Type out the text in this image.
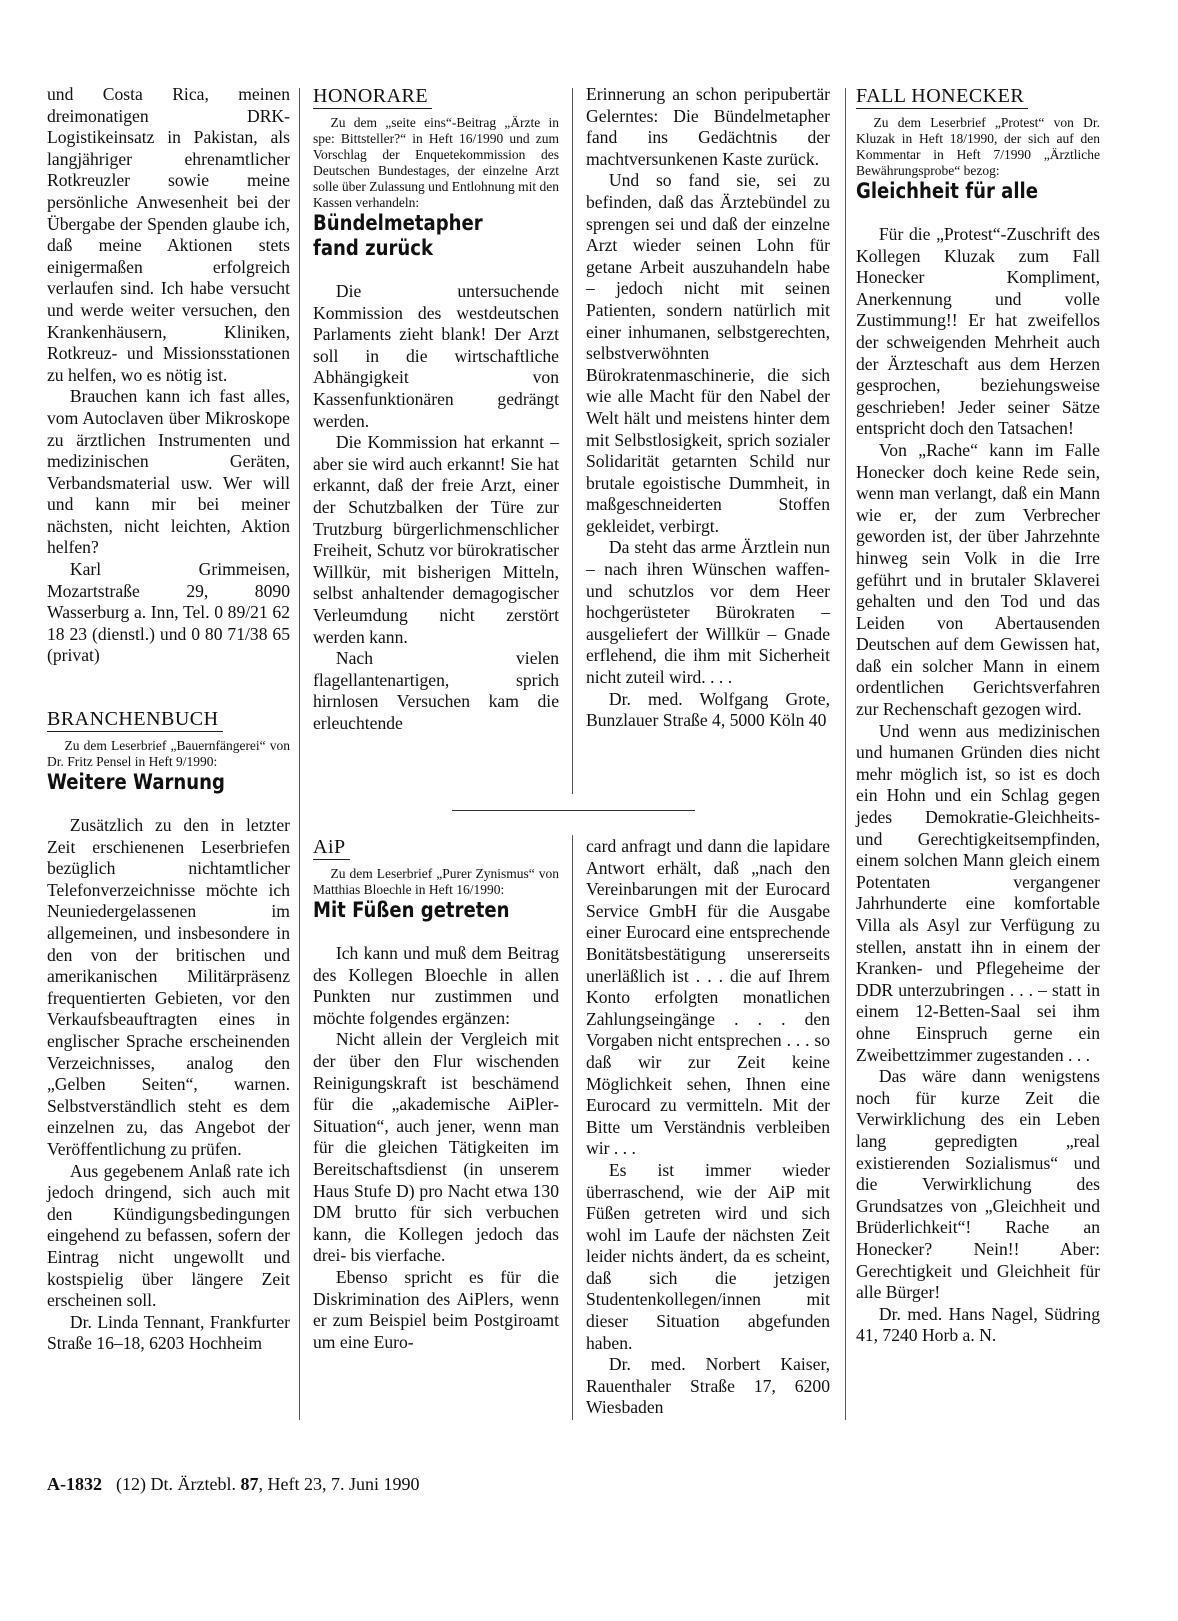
und Costa Rica, meinen dreimonatigen DRK-Logistikeinsatz in Pakistan, als langjähriger ehrenamtlicher Rotkreuzler sowie meine persönliche Anwesenheit bei der Übergabe der Spenden glaube ich, daß meine Aktionen stets einigermaßen erfolgreich verlaufen sind. Ich habe versucht und werde weiter versuchen, den Krankenhäusern, Kliniken, Rotkreuz- und Missionsstationen zu helfen, wo es nötig ist.

Brauchen kann ich fast alles, vom Autoclaven über Mikroskope zu ärztlichen Instrumenten und medizinischen Geräten, Verbandsmaterial usw. Wer will und kann mir bei meiner nächsten, nicht leichten, Aktion helfen?

Karl Grimmeisen, Mozartstraße 29, 8090 Wasserburg a. Inn, Tel. 0 89/21 62 18 23 (dienstl.) und 0 80 71/38 65 (privat)

BRANCHENBUCH

Zu dem Leserbrief „Bauernfängerei“ von Dr. Fritz Pensel in Heft 9/1990:

Weitere Warnung

Zusätzlich zu den in letzter Zeit erschienenen Leserbriefen bezüglich nichtamtlicher Telefonverzeichnisse möchte ich Neuniedergelassenen im allgemeinen, und insbesondere in den von der britischen und amerikanischen Militärpräsenz frequentierten Gebieten, vor den Verkaufsbeauftragten eines in englischer Sprache erscheinenden Verzeichnisses, analog den „Gelben Seiten“, warnen. Selbstverständlich steht es dem einzelnen zu, das Angebot der Veröffentlichung zu prüfen.

Aus gegebenem Anlaß rate ich jedoch dringend, sich auch mit den Kündigungsbedingungen eingehend zu befassen, sofern der Eintrag nicht ungewollt und kostspielig über längere Zeit erscheinen soll.

Dr. Linda Tennant, Frankfurter Straße 16–18, 6203 Hochheim

HONORARE

Zu dem „seite eins“-Beitrag „Ärzte in spe: Bittsteller?“ in Heft 16/1990 und zum Vorschlag der Enquetekommission des Deutschen Bundestages, der einzelne Arzt solle über Zulassung und Entlohnung mit den Kassen verhandeln:

Bündelmetapher fand zurück

Die untersuchende Kommission des westdeutschen Parlaments zieht blank! Der Arzt soll in die wirtschaftliche Abhängigkeit von Kassenfunktionären gedrängt werden.

Die Kommission hat erkannt – aber sie wird auch erkannt! Sie hat erkannt, daß der freie Arzt, einer der Schutzbalken der Türe zur Trutzburg bürgerlichmenschlicher Freiheit, Schutz vor bürokratischer Willkür, mit bisherigen Mitteln, selbst anhaltender demagogischer Verleumdung nicht zerstört werden kann.

Nach vielen flagellantenartigen, sprich hirnlosen Versuchen kam die erleuchtende

Erinnerung an schon peripubertär Gelerntes: Die Bündelmetapher fand ins Gedächtnis der machtversunkenen Kaste zurück.

Und so fand sie, sei zu befinden, daß das Ärztebündel zu sprengen sei und daß der einzelne Arzt wieder seinen Lohn für getane Arbeit auszuhandeln habe – jedoch nicht mit seinen Patienten, sondern natürlich mit einer inhumanen, selbstgerechten, selbstverwöhnten Bürokratenmaschinerie, die sich wie alle Macht für den Nabel der Welt hält und meistens hinter dem mit Selbstlosigkeit, sprich sozialer Solidarität getarnten Schild nur brutale egoistische Dummheit, in maßgeschneiderten Stoffen gekleidet, verbirgt.

Da steht das arme Ärztlein nun – nach ihren Wünschen waffen- und schutzlos vor dem Heer hochgerüsteter Bürokraten – ausgeliefert der Willkür – Gnade erflehend, die ihm mit Sicherheit nicht zuteil wird. . . .

Dr. med. Wolfgang Grote, Bunzlauer Straße 4, 5000 Köln 40

AiP

Zu dem Leserbrief „Purer Zynismus“ von Matthias Bloechle in Heft 16/1990:

Mit Füßen getreten

Ich kann und muß dem Beitrag des Kollegen Bloechle in allen Punkten nur zustimmen und möchte folgendes ergänzen:

Nicht allein der Vergleich mit der über den Flur wischenden Reinigungskraft ist beschämend für die „akademische AiPler-Situation“, auch jener, wenn man für die gleichen Tätigkeiten im Bereitschaftsdienst (in unserem Haus Stufe D) pro Nacht etwa 130 DM brutto für sich verbuchen kann, die Kollegen jedoch das drei- bis vierfache.

Ebenso spricht es für die Diskrimination des AiPlers, wenn er zum Beispiel beim Postgiroamt um eine Euro-

card anfragt und dann die lapidare Antwort erhält, daß „nach den Vereinbarungen mit der Eurocard Service GmbH für die Ausgabe einer Eurocard eine entsprechende Bonitätsbestätigung unsererseits unerläßlich ist . . . die auf Ihrem Konto erfolgten monatlichen Zahlungseingänge . . . den Vorgaben nicht entsprechen . . . so daß wir zur Zeit keine Möglichkeit sehen, Ihnen eine Eurocard zu vermitteln. Mit der Bitte um Verständnis verbleiben wir . . .

Es ist immer wieder überraschend, wie der AiP mit Füßen getreten wird und sich wohl im Laufe der nächsten Zeit leider nichts ändert, da es scheint, daß sich die jetzigen Studentenkollegen/innen mit dieser Situation abgefunden haben.

Dr. med. Norbert Kaiser, Rauenthaler Straße 17, 6200 Wiesbaden

FALL HONECKER

Zu dem Leserbrief „Protest“ von Dr. Kluzak in Heft 18/1990, der sich auf den Kommentar in Heft 7/1990 „Ärztliche Bewährungsprobe“ bezog:

Gleichheit für alle

Für die „Protest“-Zuschrift des Kollegen Kluzak zum Fall Honecker Kompliment, Anerkennung und volle Zustimmung!! Er hat zweifellos der schweigenden Mehrheit auch der Ärzteschaft aus dem Herzen gesprochen, beziehungsweise geschrieben! Jeder seiner Sätze entspricht doch den Tatsachen!

Von „Rache“ kann im Falle Honecker doch keine Rede sein, wenn man verlangt, daß ein Mann wie er, der zum Verbrecher geworden ist, der über Jahrzehnte hinweg sein Volk in die Irre geführt und in brutaler Sklaverei gehalten und den Tod und das Leiden von Abertausenden Deutschen auf dem Gewissen hat, daß ein solcher Mann in einem ordentlichen Gerichtsverfahren zur Rechenschaft gezogen wird.

Und wenn aus medizinischen und humanen Gründen dies nicht mehr möglich ist, so ist es doch ein Hohn und ein Schlag gegen jedes Demokratie-Gleichheits- und Gerechtigkeitsempfinden, einem solchen Mann gleich einem Potentaten vergangener Jahrhunderte eine komfortable Villa als Asyl zur Verfügung zu stellen, anstatt ihn in einem der Kranken- und Pflegeheime der DDR unterzubringen . . . – statt in einem 12-Betten-Saal sei ihm ohne Einspruch gerne ein Zweibettzimmer zugestanden . . .

Das wäre dann wenigstens noch für kurze Zeit die Verwirklichung des ein Leben lang gepredigten „real existierenden Sozialismus“ und die Verwirklichung des Grundsatzes von „Gleichheit und Brüderlichkeit“! Rache an Honecker? Nein!! Aber: Gerechtigkeit und Gleichheit für alle Bürger!

Dr. med. Hans Nagel, Südring 41, 7240 Horb a. N.

A-1832 (12) Dt. Ärztebl. 87, Heft 23, 7. Juni 1990
